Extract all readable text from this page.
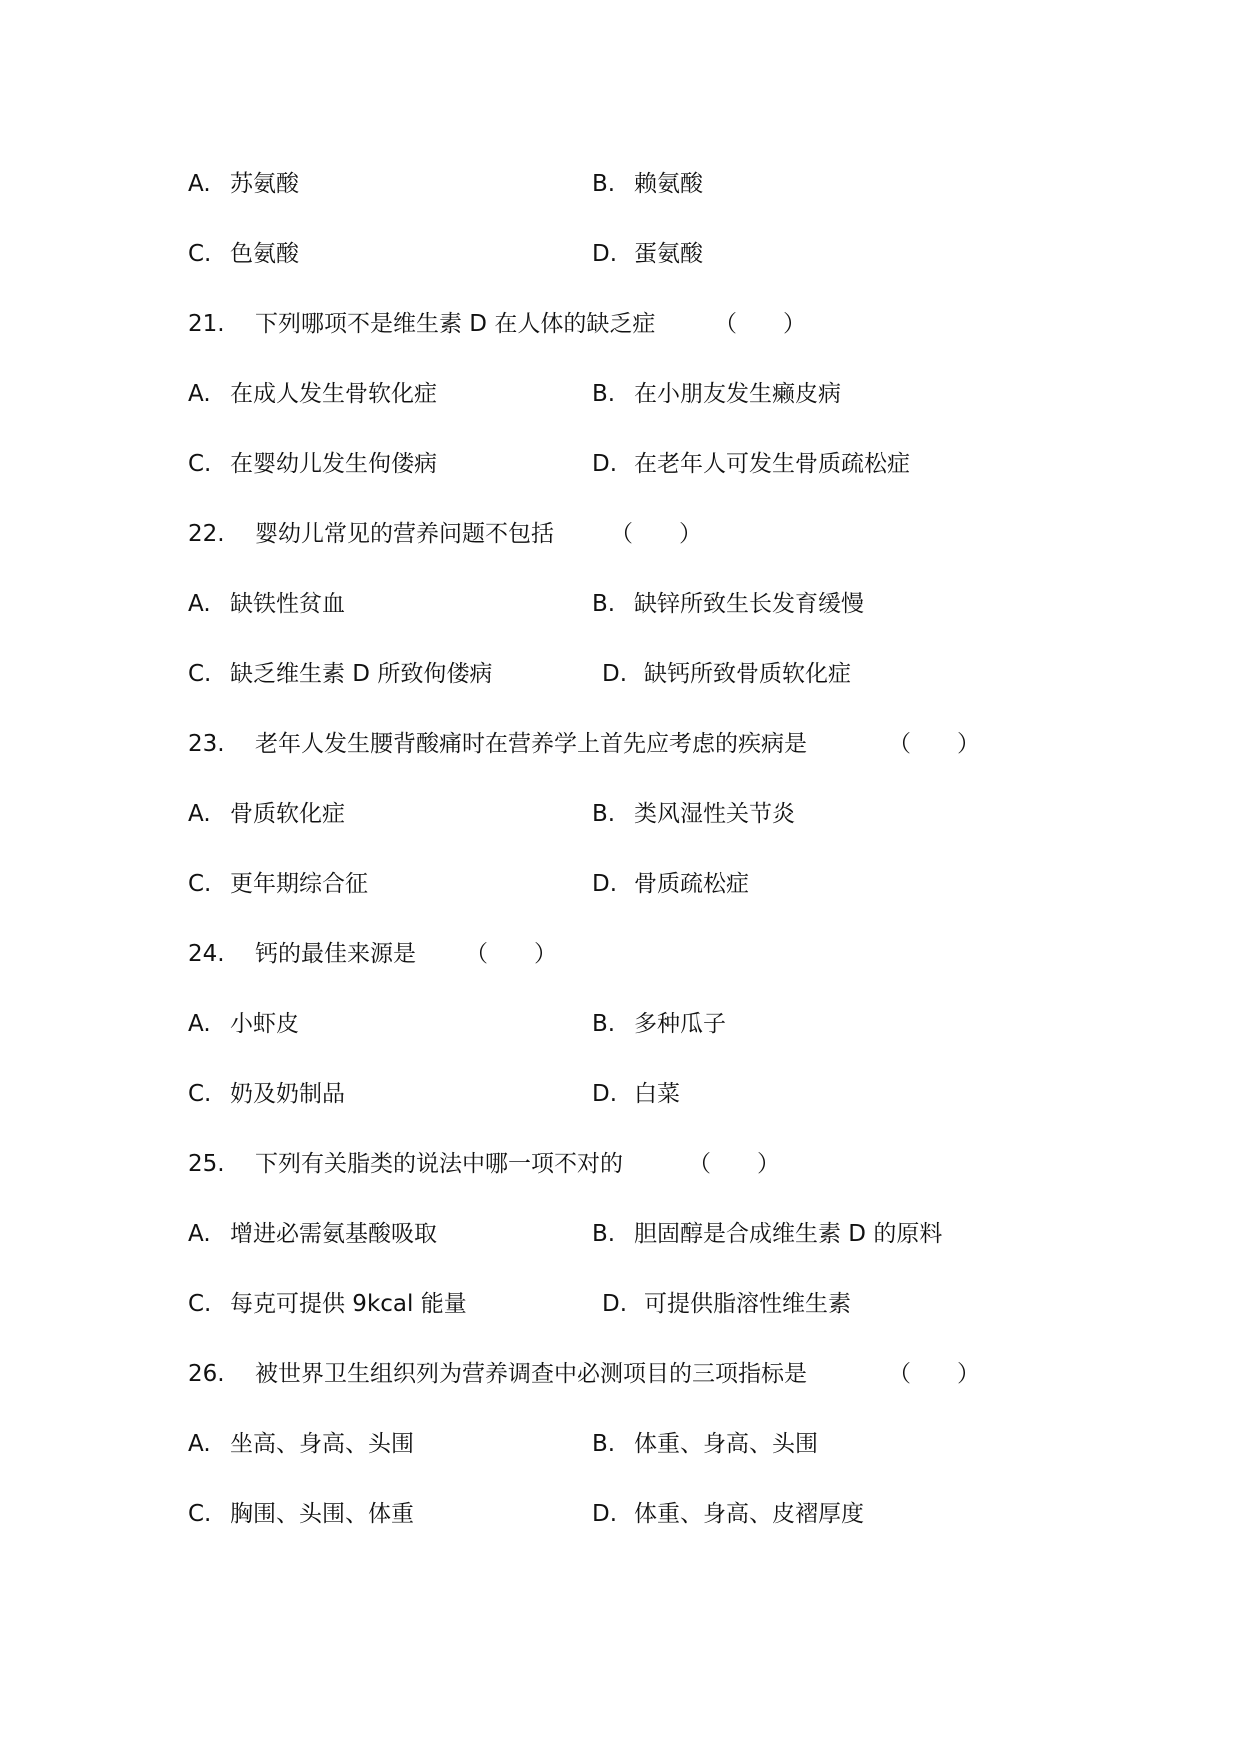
A. 苏氨酸	B. 赖氨酸
C. 色氨酸	D. 蛋氨酸
21. 下列哪项不是维生素 D 在人体的缺乏症	（　　）
A. 在成人发生骨软化症	B. 在小朋友发生癞皮病
C. 在婴幼儿发生佝偻病	D. 在老年人可发生骨质疏松症
22. 婴幼儿常见的营养问题不包括 （　　）
A. 缺铁性贫血	B. 缺锌所致生长发育缓慢
C. 缺乏维生素 D 所致佝偻病	D. 缺钙所致骨质软化症
23. 老年人发生腰背酸痛时在营养学上首先应考虑的疾病是	（　　）
A. 骨质软化症	B. 类风湿性关节炎
C. 更年期综合征	D. 骨质疏松症
24. 钙的最佳来源是 （　　）
A. 小虾皮	B. 多种瓜子
C. 奶及奶制品	D. 白菜
25. 下列有关脂类的说法中哪一项不对的	（　　）
A. 增进必需氨基酸吸取	B. 胆固醇是合成维生素 D 的原料
C. 每克可提供 9kcal 能量	D. 可提供脂溶性维生素
26. 被世界卫生组织列为营养调查中必测项目的三项指标是	（　　）
A. 坐高、身高、头围	B. 体重、身高、头围
C. 胸围、头围、体重	D. 体重、身高、皮褶厚度
